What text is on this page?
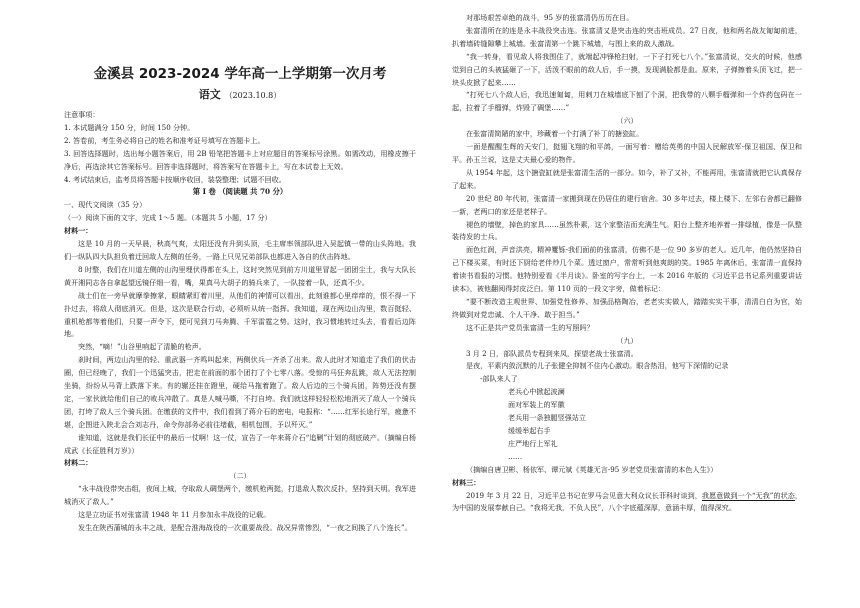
金溪县 2023-2024 学年高一上学期第一次月考

语文 （2023.10.8）

注意事项：

1. 本试题满分 150 分，时间 150 分钟。

2. 答卷前，考生务必将自己的姓名和准考证号填写在答题卡上。

3. 回答选择题时，选出每小题答案后，用 2B 铅笔把答题卡上对应题目的答案标号涂黑。如需改动，用橡皮擦干净后，再选涂其它答案标号。回答非选择题时，将答案写在答题卡上，写在本试卷上无效。

4. 考试结束后，监考员将答题卡按顺序收回，装袋整理；试题不回收。

第 Ⅰ 卷 （阅读题 共 70 分）

一、现代文阅读（35 分）

（一）阅读下面的文字，完成 1～5 题。（本题共 5 小题，17 分）

材料一：

这是 10 月的一天早晨，秋高气爽，太阳还没有升到头顶，毛主席率领部队进入吴起镇一带的山头阵地。我们一纵队四大队担负着迁回敌人左侧的任务，一路上只见兄弟部队也都进入各自的伏击阵地。

8 时整，我们在川道左侧的山沟里埋伏得都在头上，这时突然见到前方川道里冒起一团团尘土，我与大队长黄开湘同志各自拿起望远镜仔细一看，嘴，果真马大胡子的骑兵来了，一队接着一队，还真不少。

战士们在一旁早就摩拳擦掌，眼睛紧盯着川里，从他们的神情可以看出，此刻谁都心里痒痒的，恨不得一下扑过去，将敌人彻底消灭。但是，这次是联合行动，必须听从统一指挥。我知道，现在两边山沟里，数百挺轻、重机枪都等着他们，只要一声令下，便可见到刀马奔腾、千军雷霆之势。这时，我习惯地转过头去，看看后边阵地。

突然，“嘀！”山谷里响起了清脆的枪声。

刹时间，两边山沟里的轻、重武器一齐鸣叫起来，两侧伏兵一齐杀了出来。敌人此时才知道走了我们的伏击圈，但已经晚了，我们一个迅猛突击，把走在前面的那个团打了个七零八落。受惊的马狂奔乱跳，敌人无法控制坐骑，纷纷从马背上跌落下来。有的辗还挂在蹬里，硬给马拖着跑了。敌人后边的三个骑兵团，阵势还没有摆定，一家伙就给他们自己的败兵冲散了。真是人喊马嘶，不打自垮。我们就这样轻轻松松地消灭了敌人一个骑兵团，打垮了敌人三个骑兵团。在缴获的文件中，我们看到了蒋介石的密电，电报称：“……红军长途行军，疲惫不堪，企图进入陕北会合刘志丹，命令你部务必前往堵截，相机包围，予以歼灭。”

谁知道，这就是我们长征中的最后一仗啊！这一仗，宣告了一年来蒋介石“追剿”计划的彻底破产。（摘编自杨成武《长征胜利万岁》）

材料二：

（二）

“永丰战役带突击组，夜间上城，夺取敌人碉堡两个，缴机枪两挺，打退敌人数次反扑，坚持到天明。我军进城消灭了敌人。”

这是立功证书对张富清 1948 年 11 月参加永丰战役的记载。

发生在陕西蒲城的永丰之战，是配合淮海战役的一次重要战役。战况异常惨烈，“一夜之间换了八个连长”。

对那场艰苦卓绝的战斗，95 岁的张富清仍历历在目。

张富清所在的连是永丰战役突击连。张富清又是突击连的突击班成员。27 日夜，他和两名战友匍匐前进，扒着墙砖缝隙攀上城墙。张富清第一个跳下城墙，与围上来的敌人激战。

“我一转身，看见敌人将我围住了，就端起冲锋枪扫射，一下子打死七八个。”张富清说，交火的时候，他感觉到自己的头被猛砸了一下，活泼不眼前的敌人后，手一摸，发现满脸都是血。原来，子弹擦着头顶飞过，把一块头皮掀了起来……

“打死七八个敌人后，我迅速匍匐，用刺刀在城墙底下刨了个洞，把我带的八颗手榴弹和一个炸药包码在一起，拉着了手榴弹，炸毁了碉堡……”

（六）

在张富清简陋的家中，珍藏着一个打满了补丁的搪瓷缸。

一面是醒醒生辉的天安门，挺翅飞翔的和平鸽，一面写着：赠给英勇的中国人民解放军-保卫祖国、保卫和平。孙玉兰说，这是丈夫最心爱的物件。

从 1954 年起，这个搪瓷缸就是张富清生活的一部分。如今，补了又补，不能再用，张富清就把它认真保存了起来。

20 世纪 80 年代初，张富清一家搬到现在仍居住的建行宿舍。30 多年过去，楼上楼下、左邻右舍都已翻修一新，老两口的家还是老样子。

褪色的墙壁，掉色的家具……虽然朴素，这个家整洁而充满生气。阳台上整齐地养着一排绿植，像是一队整装待发的士兵。

面色红润，声音洪亮，精神矍铄-我们面前的张富清，仿佛不是一位 90 多岁的老人。近几年，他仍然坚持自己下楼买菜，有时还下厨给老伴炒几个菜。透过窗户，常常听到他爽朗的笑。1985 年离休后，张富清一直保持着读书看报的习惯。他特别爱看《半月谈》。卧室的写字台上，一本 2016 年版的《习近平总书记系列重要讲话读本》，被他翻阅得封皮泛白。第 110 页的一段文字旁，做着标记：

“要不断改造主观世界、加强党性修养、加强品格陶冶，老老实实做人，踏踏实实干事，清清白白为官，始终做到对党忠诚、个人干净、敢于担当。”

这不正是共产党员张富清一生的写照吗？

（九）

3 月 2 日，部队派员专程到来凤，探望老战士张富清。

是夜，平素内敛沉默的儿子张健全抑制不住内心激动。眼含热泪，他写下深情的记录

-部队来人了

老兵心中掀起波澜

面对军装上的军徽

老兵用一条独腿竖强站立

缓缓举起右手

庄严地行上军礼

……

（摘编自唐卫彬、杨依军、谭元斌《英雄无言-95 岁老党员张富清的本色人生》）

材料三：

2019 年 3 月 22 日，习近平总书记在罗马会见意大利众议长菲科时谈到，我愿意做到一个“无我”的状态，为中国的发展奉献自己。“我将无我，不负人民”，八个字底蕴深厚，意涵丰厚，值得深究。
